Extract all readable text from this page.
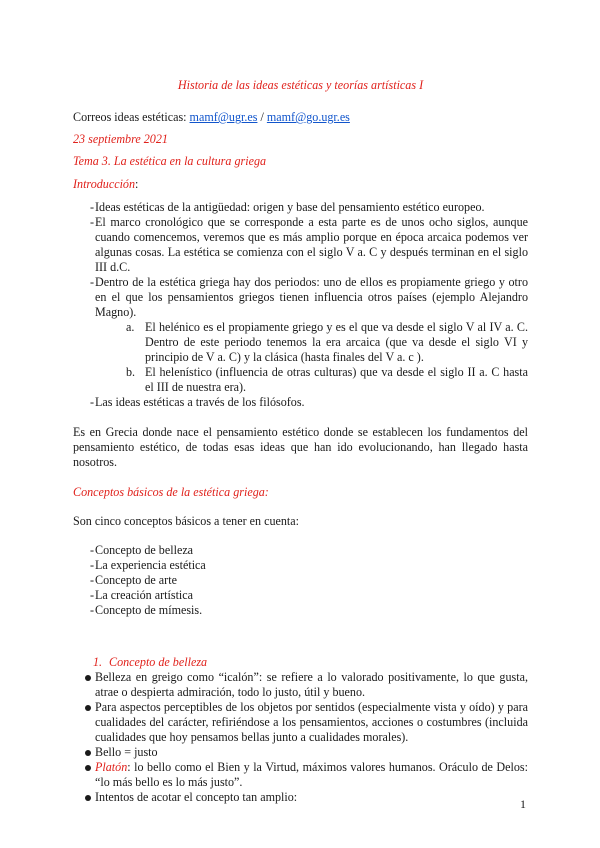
Historia de las ideas estéticas y teorías artísticas I

Correos ideas estéticas: mamf@ugr.es / mamf@go.ugr.es

23 septiembre 2021

Tema 3. La estética en la cultura griega

Introducción:

- Ideas estéticas de la antigüedad: origen y base del pensamiento estético europeo.
- El marco cronológico que se corresponde a esta parte es de unos ocho siglos, aunque cuando comencemos, veremos que es más amplio porque en época arcaica podemos ver algunas cosas. La estética se comienza con el siglo V a. C y después terminan en el siglo III d.C.
- Dentro de la estética griega hay dos periodos: uno de ellos es propiamente griego y otro en el que los pensamientos griegos tienen influencia otros países (ejemplo Alejandro Magno).
a. El helénico es el propiamente griego y es el que va desde el siglo V al IV a. C. Dentro de este periodo tenemos la era arcaica (que va desde el siglo VI y principio de V a. C) y la clásica (hasta finales del V a. c ).
b. El helenístico (influencia de otras culturas) que va desde el siglo II a. C hasta el III de nuestra era).
- Las ideas estéticas a través de los filósofos.

Es en Grecia donde nace el pensamiento estético donde se establecen los fundamentos del pensamiento estético, de todas esas ideas que han ido evolucionando, han llegado hasta nosotros.

Conceptos básicos de la estética griega:

Son cinco conceptos básicos a tener en cuenta:

- Concepto de belleza
- La experiencia estética
- Concepto de arte
- La creación artística
- Concepto de mímesis.
1. Concepto de belleza
Belleza en greigo como “icalón”: se refiere a lo valorado positivamente, lo que gusta, atrae o despierta admiración, todo lo justo, útil y bueno.
Para aspectos perceptibles de los objetos por sentidos (especialmente vista y oído) y para cualidades del carácter, refiriéndose a los pensamientos, acciones o costumbres (incluida cualidades que hoy pensamos bellas junto a cualidades morales).
Bello = justo
Platón: lo bello como el Bien y la Virtud, máximos valores humanos. Oráculo de Delos: “lo más bello es lo más justo”.
Intentos de acotar el concepto tan amplio:	1
